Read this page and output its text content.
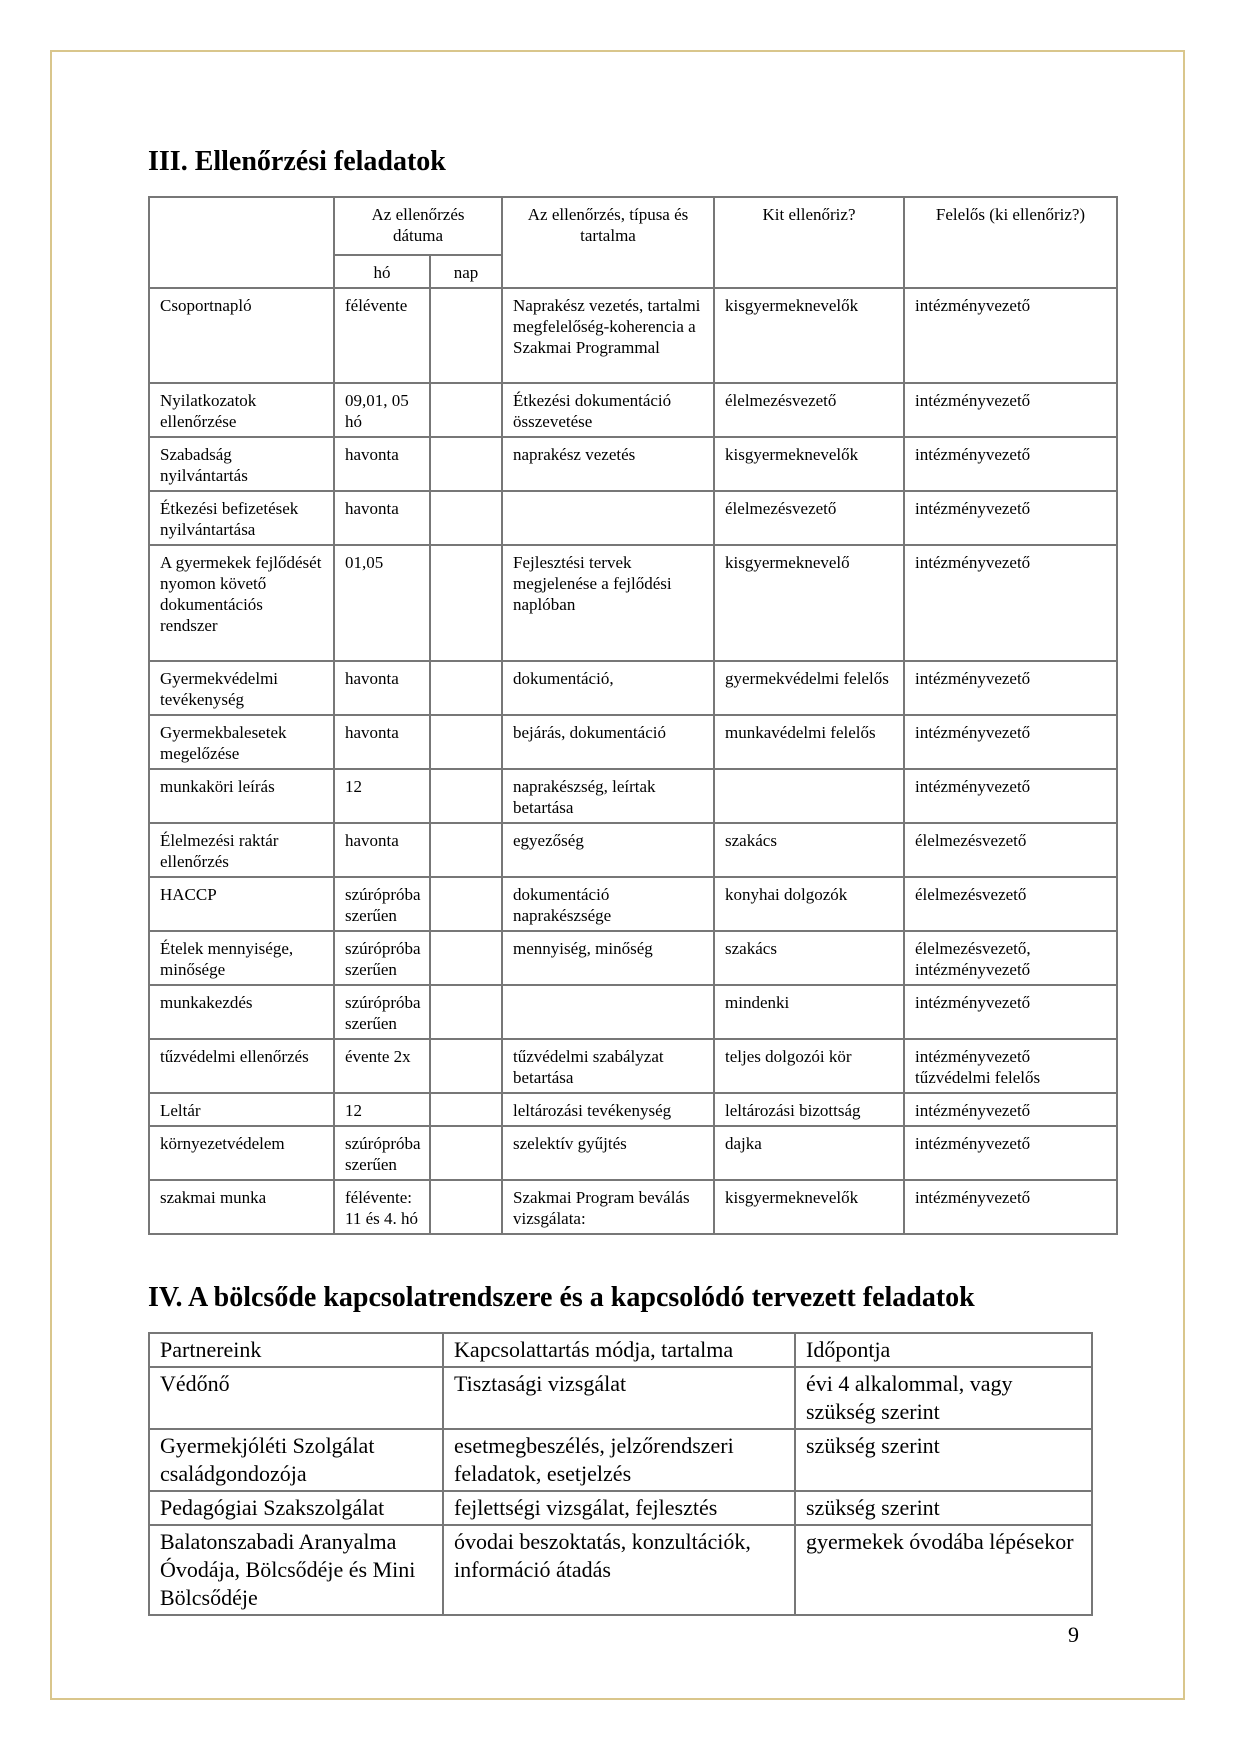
III. Ellenőrzési feladatok
	Az ellenőrzés dátuma		Az ellenőrzés, típusa és tartalma	Kit ellenőriz?	Felelős (ki ellenőriz?)
	hó	nap			
Csoportnapló	félévente		Naprakész vezetés, tartalmi megfelelőség-koherencia a Szakmai Programmal	kisgyermeknevelők	intézményvezető
Nyilatkozatok ellenőrzése	09,01, 05 hó		Étkezési dokumentáció összevetése	élelmezésvezető	intézményvezető
Szabadság nyilvántartás	havonta		naprakész vezetés	kisgyermeknevelők	intézményvezető
Étkezési befizetések nyilvántartása	havonta			élelmezésvezető	intézményvezető
A gyermekek fejlődését nyomon követő dokumentációs rendszer	01,05		Fejlesztési tervek megjelenése a fejlődési naplóban	kisgyermeknevelő	intézményvezető
Gyermekvédelmi tevékenység	havonta		dokumentáció,	gyermekvédelmi felelős	intézményvezető
Gyermekbalesetek megelőzése	havonta		bejárás, dokumentáció	munkavédelmi felelős	intézményvezető
munkaköri leírás	12		naprakészség, leírtak betartása		intézményvezető
Élelmezési raktár ellenőrzés	havonta		egyezőség	szakács	élelmezésvezető
HACCP	szúrópróba szerűen		dokumentáció naprakészsége	konyhai dolgozók	élelmezésvezető
Ételek mennyisége, minősége	szúrópróba szerűen		mennyiség, minőség	szakács	élelmezésvezető, intézményvezető
munkakezdés	szúrópróba szerűen			mindenki	intézményvezető
tűzvédelmi ellenőrzés	évente 2x		tűzvédelmi szabályzat betartása	teljes dolgozói kör	intézményvezető tűzvédelmi felelős
Leltár	12		leltározási tevékenység	leltározási bizottság	intézményvezető
környezetvédelem	szúrópróba szerűen		szelektív gyűjtés	dajka	intézményvezető
szakmai munka	félévente: 11 és 4. hó		Szakmai Program beválás vizsgálata:	kisgyermeknevelők	intézményvezető
IV. A bölcsőde kapcsolatrendszere és a kapcsolódó tervezett feladatok
Partnereink	Kapcsolattartás módja, tartalma	Időpontja
Védőnő	Tisztasági vizsgálat	évi 4 alkalommal, vagy szükség szerint
Gyermekjóléti Szolgálat családgondozója	esetmegbeszélés, jelzőrendszeri feladatok, esetjelzés	szükség szerint
Pedagógiai Szakszolgálat	fejlettségi vizsgálat, fejlesztés	szükség szerint
Balatonszabadi Aranyalma Óvodája, Bölcsődéje és Mini Bölcsődéje	óvodai beszoktatás, konzultációk, információ átadás	gyermekek óvodába lépésekor
9
